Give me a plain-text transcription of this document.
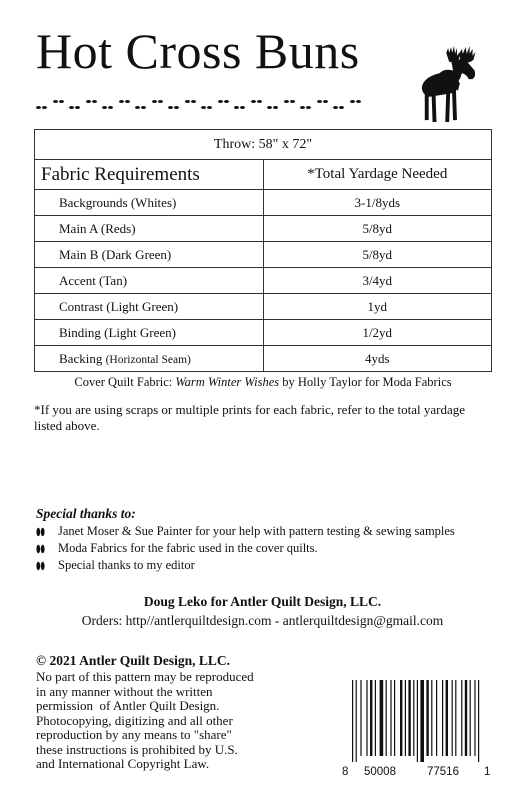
Hot Cross Buns
Throw: 58" x 72"	
Fabric Requirements	*Total Yardage Needed
Backgrounds (Whites)	3-1/8yds
Main A (Reds)	5/8yd
Main B (Dark Green)	5/8yd
Accent (Tan)	3/4yd
Contrast (Light Green)	1yd
Binding (Light Green)	1/2yd
Backing (Horizontal Seam)	4yds
Cover Quilt Fabric: Warm Winter Wishes by Holly Taylor for Moda Fabrics

*If you are using scraps or multiple prints for each fabric, refer to the total yardage listed above.

Special thanks to:

Janet Moser & Sue Painter for your help with pattern testing & sewing samples
Moda Fabrics for the fabric used in the cover quilts.
Special thanks to my editor
Doug Leko for Antler Quilt Design, LLC.
Orders: http//antlerquiltdesign.com - antlerquiltdesign@gmail.com

© 2021 Antler Quilt Design, LLC.

No part of this pattern may be reproduced
in any manner without the written
permission  of Antler Quilt Design.
Photocopying, digitizing and all other
reproduction by any means to "share"
these instructions is prohibited by U.S.
and International Copyright Law.

8 50008	77516 1
